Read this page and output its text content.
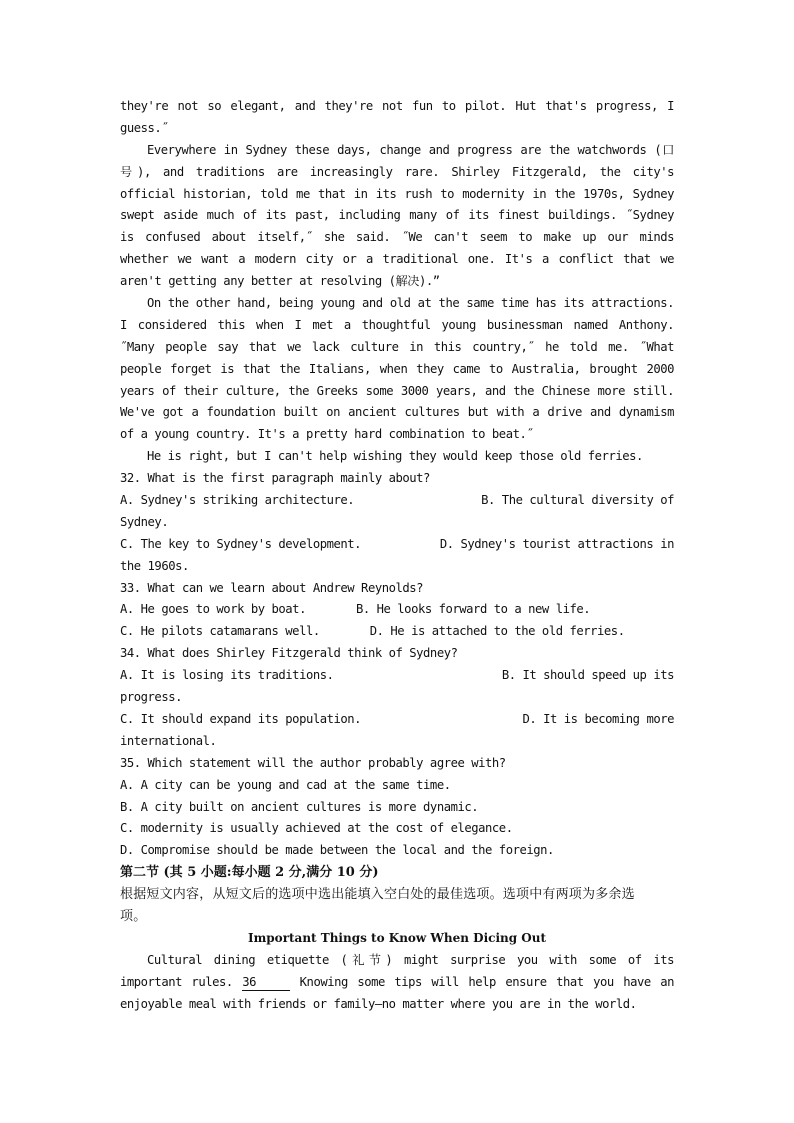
they're not so elegant, and they're not fun to pilot. Hut that's progress, I
guess.˝
Everywhere in Sydney these days, change and progress are the watchwords (口
号), and traditions are increasingly rare. Shirley Fitzgerald, the city's
official historian, told me that in its rush to modernity in the 1970s, Sydney
swept aside much of its past, including many of its finest buildings. ˝Sydney
is confused about itself,˝ she said. ˝We can't seem to make up our minds
whether we want a modern city or a traditional one. It's a conflict that we
aren't getting any better at resolving (解决).”
On the other hand, being young and old at the same time has its attractions.
I considered this when I met a thoughtful young businessman named Anthony.
˝Many people say that we lack culture in this country,˝ he told me. ˝What
people forget is that the Italians, when they came to Australia, brought 2000
years of their culture, the Greeks some 3000 years, and the Chinese more still.
We've got a foundation built on ancient cultures but with a drive and dynamism
of a young country. It's a pretty hard combination to beat.˝
He is right, but I can't help wishing they would keep those old ferries.
32. What is the first paragraph mainly about?
A. Sydney's striking architecture.	B. The cultural diversity of
Sydney.
C. The key to Sydney's development.	D. Sydney's tourist attractions in
the 1960s.
33. What can we learn about Andrew Reynolds?
A. He goes to work by boat.	B. He looks forward to a new life.
C. He pilots catamarans well.	D. He is attached to the old ferries.
34. What does Shirley Fitzgerald think of Sydney?
A. It is losing its traditions.	B. It should speed up its
progress.
C. It should expand its population.	D. It is becoming more
international.
35. Which statement will the author probably agree with?
A. A city can be young and cad at the same time.
B. A city built on ancient cultures is more dynamic.
C. modernity is usually achieved at the cost of elegance.
D. Compromise should be made between the local and the foreign.
第二节 (其 5 小题:每小题 2 分,满分 10 分)
根据短文内容，从短文后的选项中选出能填入空白处的最佳选项。选项中有两项为多余选
项。
Important Things to Know When Dicing Out
Cultural dining etiquette (礼节) might surprise you with some of its
important rules. 36	Knowing some tips will help ensure that you have an
enjoyable meal with friends or family—no matter where you are in the world.
